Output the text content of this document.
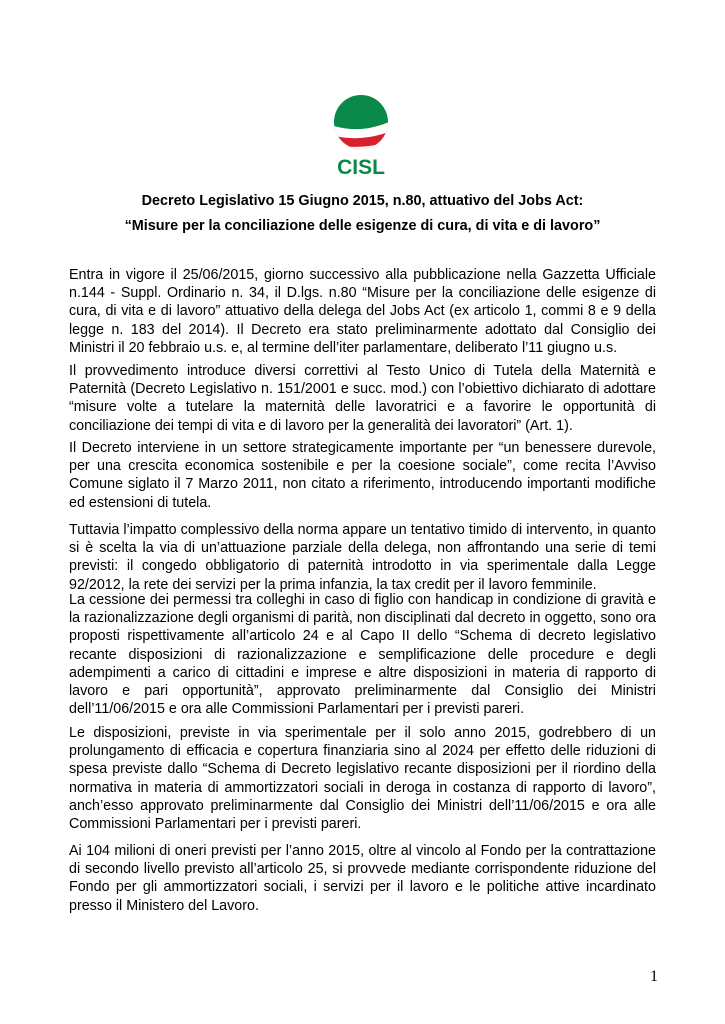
CISL
Decreto Legislativo 15 Giugno 2015, n.80, attuativo del Jobs Act:
“Misure per la conciliazione delle esigenze di cura, di vita e di lavoro”
Entra in vigore il 25/06/2015, giorno successivo alla pubblicazione nella Gazzetta Ufficiale n.144 - Suppl. Ordinario n. 34, il D.lgs. n.80 “Misure per la conciliazione delle esigenze di cura, di vita e di lavoro” attuativo della delega del Jobs Act (ex articolo 1, commi 8 e 9 della legge n. 183 del 2014). Il Decreto era stato preliminarmente adottato dal Consiglio dei Ministri il 20 febbraio u.s. e, al termine dell’iter parlamentare, deliberato l’11 giugno u.s.
Il provvedimento introduce diversi correttivi al Testo Unico di Tutela della Maternità e Paternità (Decreto Legislativo n. 151/2001 e succ. mod.) con l’obiettivo dichiarato di adottare “misure volte a tutelare la maternità delle lavoratrici e a favorire le opportunità di conciliazione dei tempi di vita e di lavoro per la generalità dei lavoratori” (Art. 1).
Il Decreto interviene in un settore strategicamente importante per “un benessere durevole, per una crescita economica sostenibile e per la coesione sociale”, come recita l’Avviso Comune siglato il 7 Marzo 2011, non citato a riferimento, introducendo importanti modifiche ed estensioni di tutela.
Tuttavia l’impatto complessivo della norma appare un tentativo timido di intervento, in quanto si è scelta la via di un’attuazione parziale della delega, non affrontando una serie di temi previsti: il congedo obbligatorio di paternità introdotto in via sperimentale dalla Legge 92/2012, la rete dei servizi per la prima infanzia, la tax credit per il lavoro femminile.
La cessione dei permessi tra colleghi in caso di figlio con handicap in condizione di gravità e la razionalizzazione degli organismi di parità, non disciplinati dal decreto in oggetto, sono ora proposti rispettivamente all’articolo 24 e al Capo II dello “Schema di decreto legislativo recante disposizioni di razionalizzazione e semplificazione delle procedure e degli adempimenti a carico di cittadini e imprese e altre disposizioni in materia di rapporto di lavoro e pari opportunità”, approvato preliminarmente dal Consiglio dei Ministri dell’11/06/2015 e ora alle Commissioni Parlamentari per i previsti pareri.
Le disposizioni, previste in via sperimentale per il solo anno 2015, godrebbero di un prolungamento di efficacia e copertura finanziaria sino al 2024 per effetto delle riduzioni di spesa previste dallo “Schema di Decreto legislativo recante disposizioni per il riordino della normativa in materia di ammortizzatori sociali in deroga in costanza di rapporto di lavoro”, anch’esso approvato preliminarmente dal Consiglio dei Ministri dell’11/06/2015 e ora alle Commissioni Parlamentari per i previsti pareri.
Ai 104 milioni di oneri previsti per l’anno 2015, oltre al vincolo al Fondo per la contrattazione di secondo livello previsto all’articolo 25, si provvede mediante corrispondente riduzione del Fondo per gli ammortizzatori sociali, i servizi per il lavoro e le politiche attive incardinato presso il Ministero del Lavoro.
1
